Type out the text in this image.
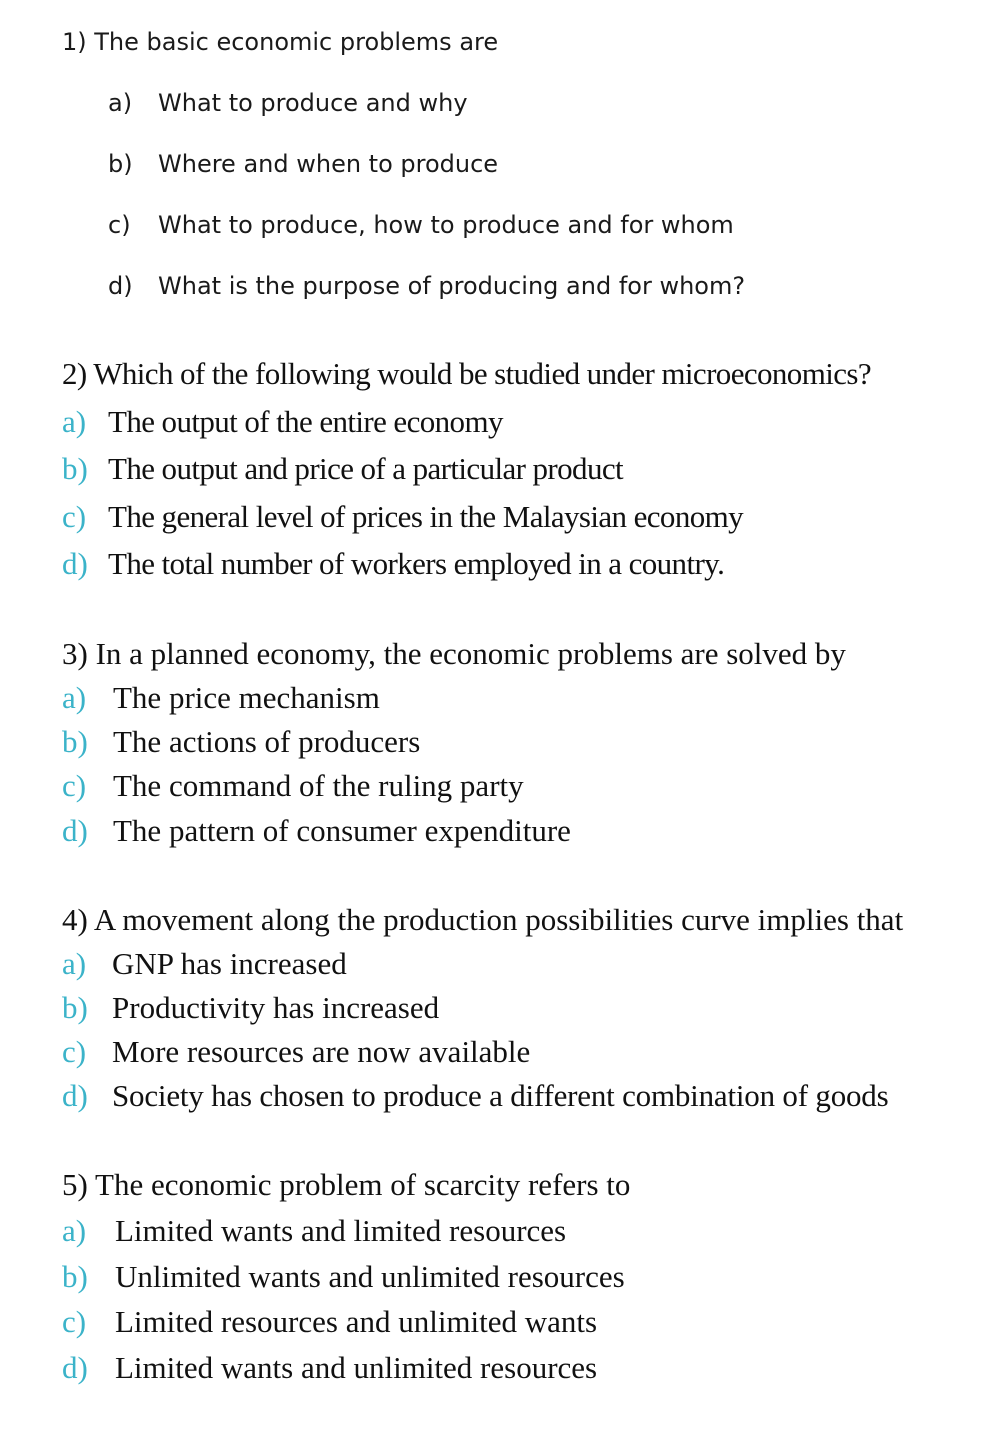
1) The basic economic problems are
a) What to produce and why
b) Where and when to produce
c) What to produce, how to produce and for whom
d) What is the purpose of producing and for whom?
2) Which of the following would be studied under microeconomics?
a) The output of the entire economy
b) The output and price of a particular product
c) The general level of prices in the Malaysian economy
d) The total number of workers employed in a country.
3) In a planned economy, the economic problems are solved by
a) The price mechanism
b) The actions of producers
c) The command of the ruling party
d) The pattern of consumer expenditure
4) A movement along the production possibilities curve implies that
a) GNP has increased
b) Productivity has increased
c) More resources are now available
d) Society has chosen to produce a different combination of goods
5) The economic problem of scarcity refers to
a) Limited wants and limited resources
b) Unlimited wants and unlimited resources
c) Limited resources and unlimited wants
d) Limited wants and unlimited resources
